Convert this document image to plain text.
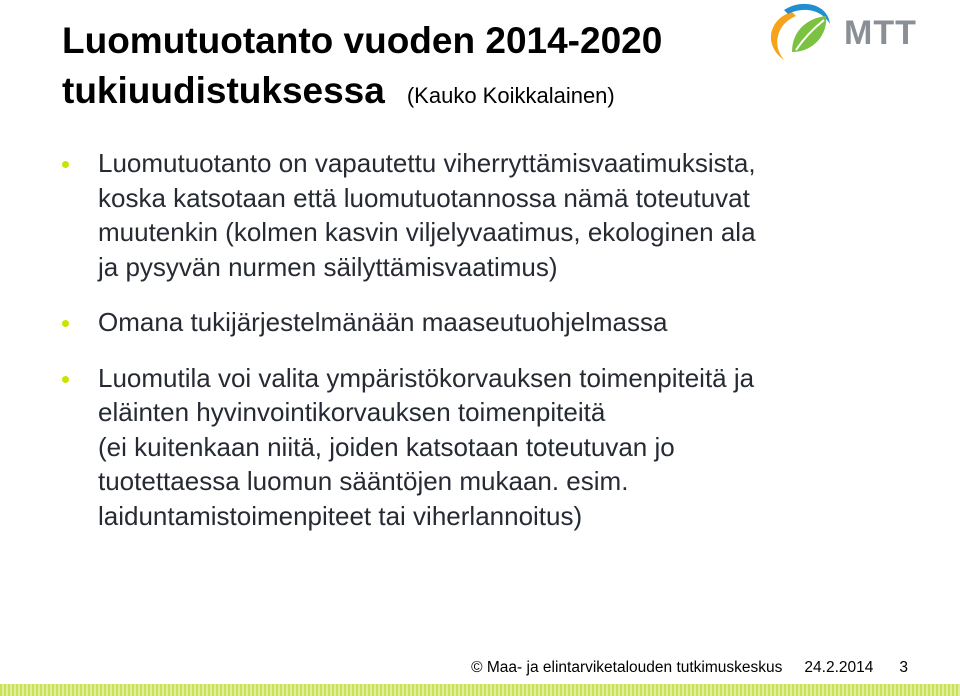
Luomutuotanto vuoden 2014-2020
tukiuudistuksessa (Kauko Koikkalainen)
MTT
Luomutuotanto on vapautettu viherryttämisvaatimuksista,
koska katsotaan että luomutuotannossa nämä toteutuvat
muutenkin (kolmen kasvin viljelyvaatimus, ekologinen ala
ja pysyvän nurmen säilyttämisvaatimus)
Omana tukijärjestelmänään maaseutuohjelmassa
Luomutila voi valita ympäristökorvauksen toimenpiteitä ja
eläinten hyvinvointikorvauksen toimenpiteitä
(ei kuitenkaan niitä, joiden katsotaan toteutuvan jo
tuotettaessa luomun sääntöjen mukaan. esim.
laiduntamistoimenpiteet tai viherlannoitus)
© Maa- ja elintarviketalouden tutkimuskeskus 24.2.2014 3
